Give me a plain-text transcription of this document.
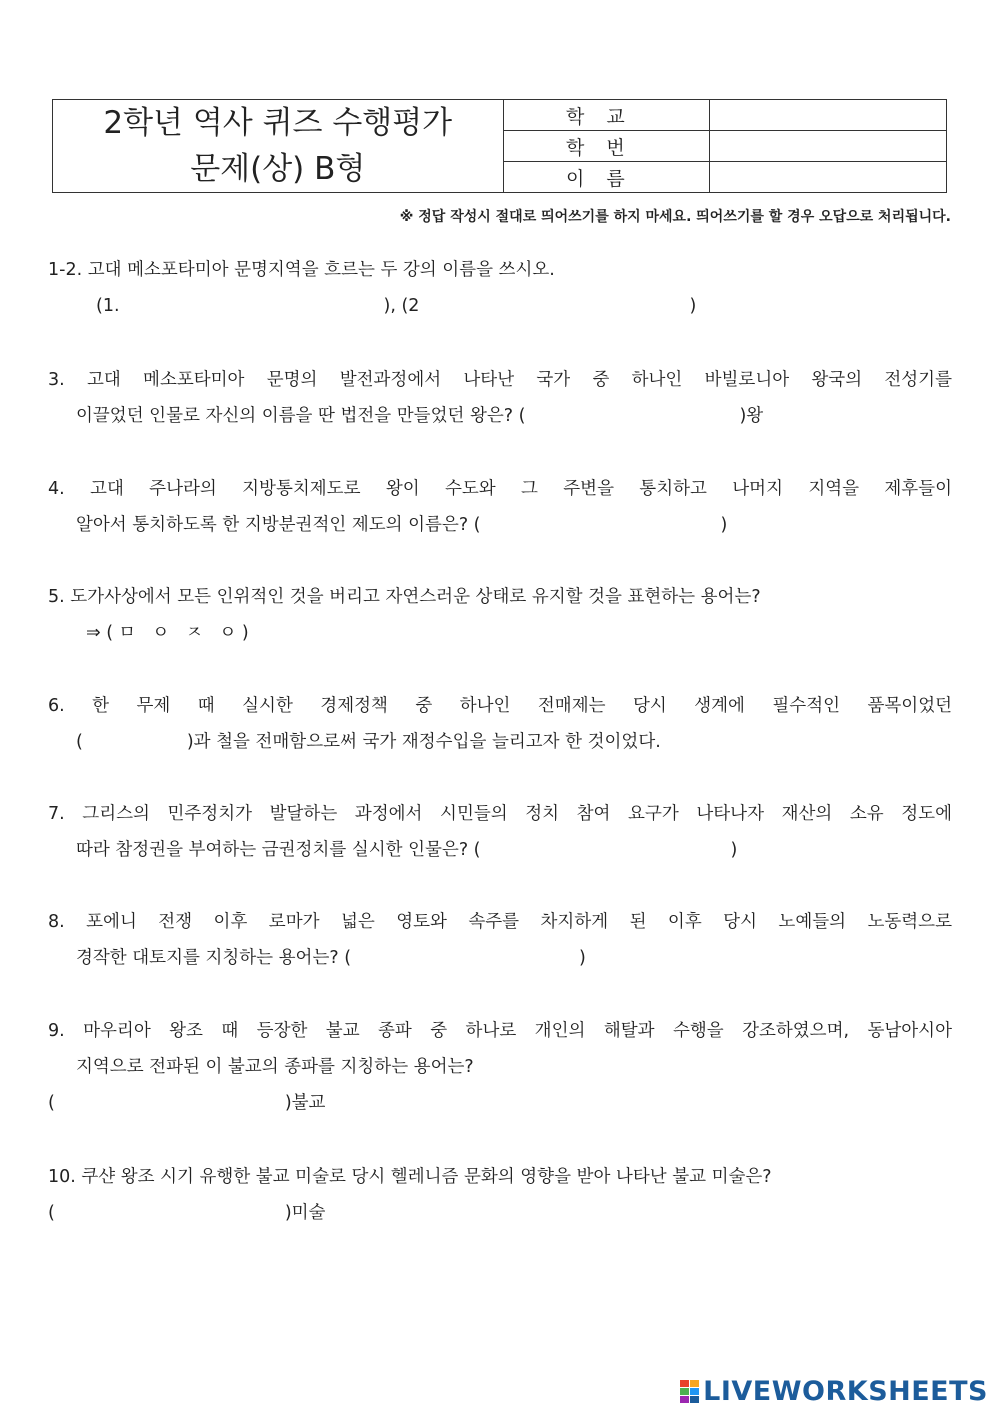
2학년 역사 퀴즈 수행평가
문제(상) B형	학교	
	학번	
	이름	
※ 정답 작성시 절대로 띄어쓰기를 하지 마세요. 띄어쓰기를 할 경우 오답으로 처리됩니다.
1-2. 고대 메소포타미아 문명지역을 흐르는 두 강의 이름을 쓰시오.
(1.	), (2	)
3. 고대 메소포타미아 문명의 발전과정에서 나타난 국가 중 하나인 바빌로니아 왕국의 전성기를
이끌었던 인물로 자신의 이름을 딴 법전을 만들었던 왕은? (	)왕
4. 고대 주나라의 지방통치제도로 왕이 수도와 그 주변을 통치하고 나머지 지역을 제후들이
알아서 통치하도록 한 지방분권적인 제도의 이름은? (	)
5. 도가사상에서 모든 인위적인 것을 버리고 자연스러운 상태로 유지할 것을 표현하는 용어는?
⇒ ( ㅁ   ㅇ   ㅈ   ㅇ )
6. 한 무제 때 실시한 경제정책 중 하나인 전매제는 당시 생계에 필수적인 품목이었던
(	)과 철을 전매함으로써 국가 재정수입을 늘리고자 한 것이었다.
7. 그리스의 민주정치가 발달하는 과정에서 시민들의 정치 참여 요구가 나타나자 재산의 소유 정도에
따라 참정권을 부여하는 금권정치를 실시한 인물은? (	)
8. 포에니 전쟁 이후 로마가 넓은 영토와 속주를 차지하게 된 이후 당시 노예들의 노동력으로
경작한 대토지를 지칭하는 용어는? (	)
9. 마우리아 왕조 때 등장한 불교 종파 중 하나로 개인의 해탈과 수행을 강조하였으며, 동남아시아
지역으로 전파된 이 불교의 종파를 지칭하는 용어는?
(	)불교
10. 쿠샨 왕조 시기 유행한 불교 미술로 당시 헬레니즘 문화의 영향을 받아 나타난 불교 미술은?
(	)미술
LIVEWORKSHEETS
